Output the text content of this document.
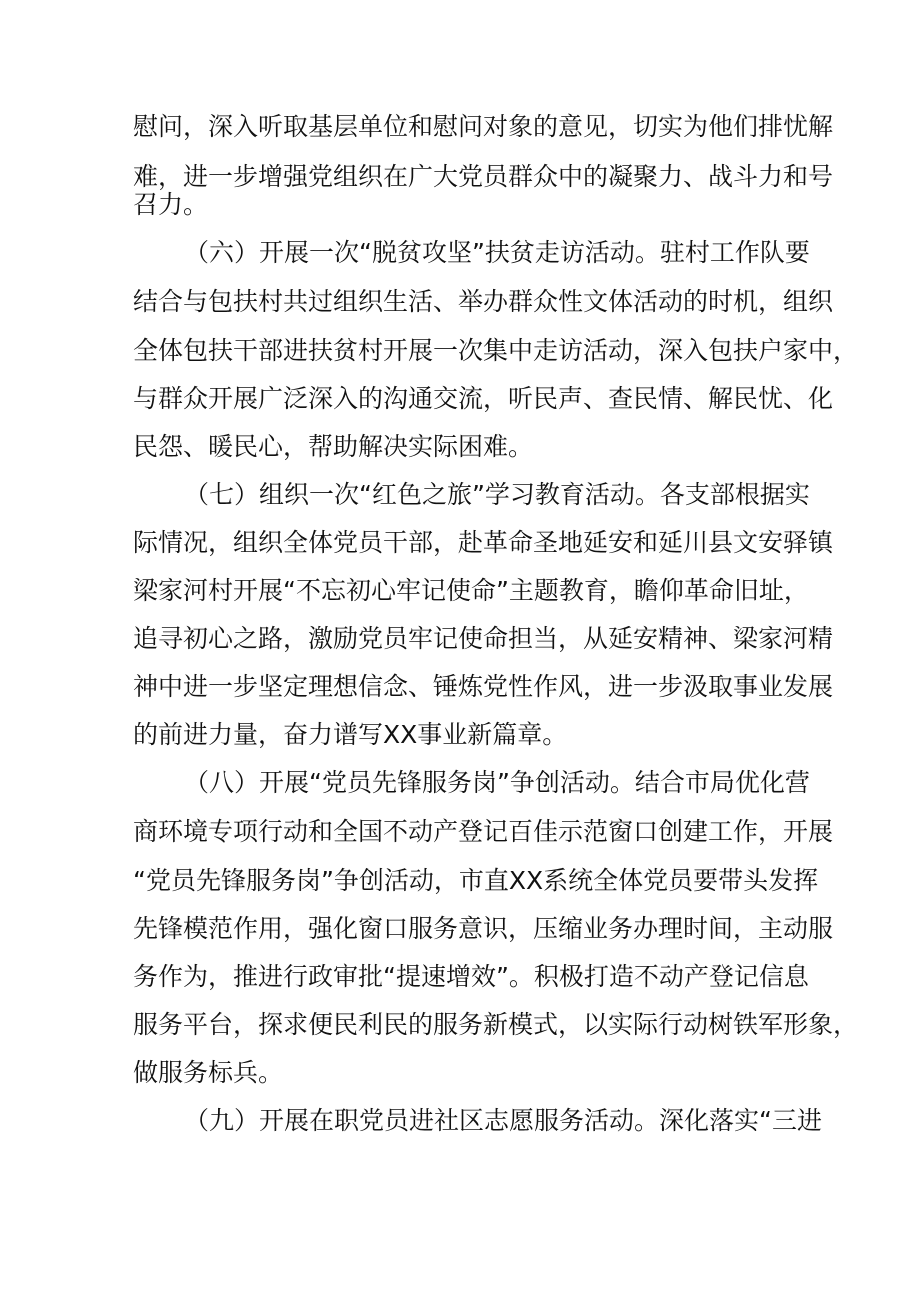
慰问，深入听取基层单位和慰问对象的意见，切实为他们排忧解
难，进一步增强党组织在广大党员群众中的凝聚力、战斗力和号
召力。
（六）开展一次“脱贫攻坚”扶贫走访活动。驻村工作队要
结合与包扶村共过组织生活、举办群众性文体活动的时机，组织
全体包扶干部进扶贫村开展一次集中走访活动，深入包扶户家中，
与群众开展广泛深入的沟通交流，听民声、查民情、解民忧、化
民怨、暖民心，帮助解决实际困难。
（七）组织一次“红色之旅”学习教育活动。各支部根据实
际情况，组织全体党员干部，赴革命圣地延安和延川县文安驿镇
梁家河村开展“不忘初心牢记使命”主题教育，瞻仰革命旧址，
追寻初心之路，激励党员牢记使命担当，从延安精神、梁家河精
神中进一步坚定理想信念、锤炼党性作风，进一步汲取事业发展
的前进力量，奋力谱写XX事业新篇章。
（八）开展“党员先锋服务岗”争创活动。结合市局优化营
商环境专项行动和全国不动产登记百佳示范窗口创建工作，开展
“党员先锋服务岗”争创活动，市直XX系统全体党员要带头发挥
先锋模范作用，强化窗口服务意识，压缩业务办理时间，主动服
务作为，推进行政审批“提速增效”。积极打造不动产登记信息
服务平台，探求便民利民的服务新模式，以实际行动树铁军形象，
做服务标兵。
（九）开展在职党员进社区志愿服务活动。深化落实“三进
